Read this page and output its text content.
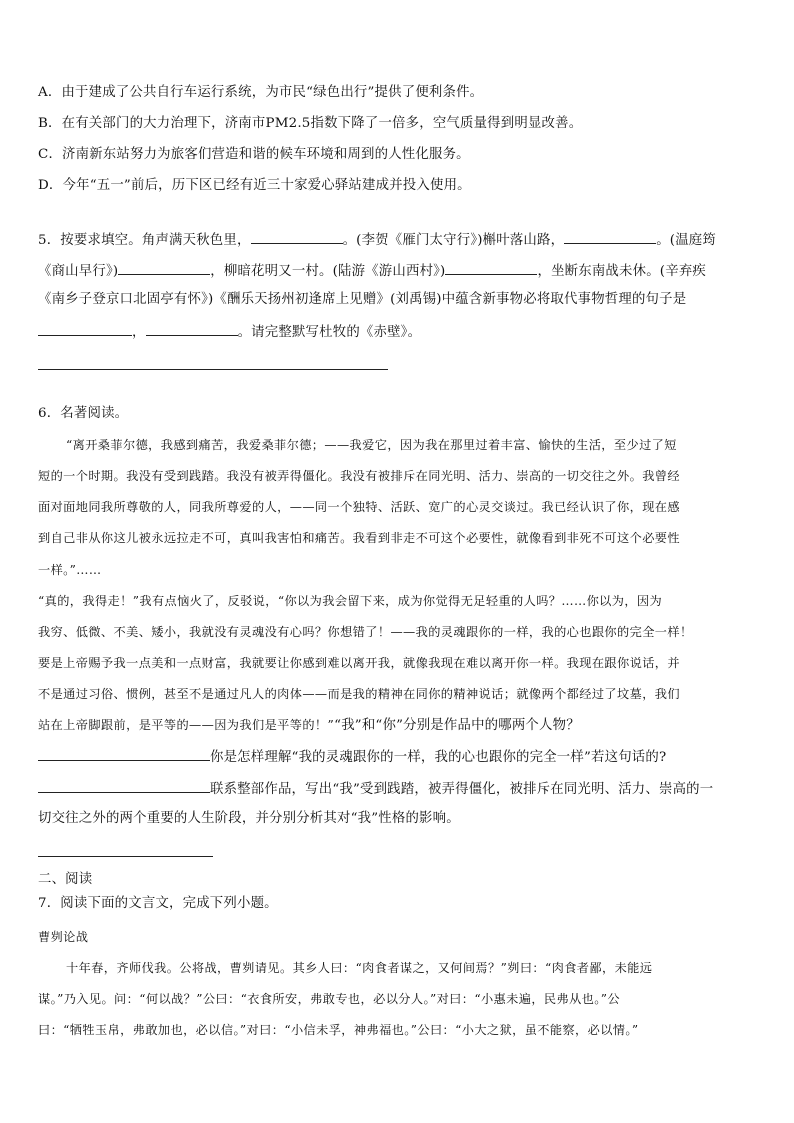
A．由于建成了公共自行车运行系统，为市民“绿色出行”提供了便利条件。
B．在有关部门的大力治理下，济南市PM2.5指数下降了一倍多，空气质量得到明显改善。
C．济南新东站努力为旅客们营造和谐的候车环境和周到的人性化服务。
D．今年“五一”前后，历下区已经有近三十家爱心驿站建成并投入使用。
5．按要求填空。角声满天秋色里，	。(李贺《雁门太守行》)槲叶落山路，	。(温庭筠
《商山早行》)	，柳暗花明又一村。(陆游《游山西村》)	，坐断东南战未休。(辛弃疾
《南乡子登京口北固亭有怀》)《酬乐天扬州初逢席上见赠》(刘禹锡)中蕴含新事物必将取代事物哲理的句子是
，	。请完整默写杜牧的《赤壁》。
6．名著阅读。
“离开桑菲尔德，我感到痛苦，我爱桑菲尔德；——我爱它，因为我在那里过着丰富、愉快的生活，至少过了短
短的一个时期。我没有受到践踏。我没有被弄得僵化。我没有被排斥在同光明、活力、崇高的一切交往之外。我曾经
面对面地同我所尊敬的人，同我所尊爱的人，——同一个独特、活跃、宽广的心灵交谈过。我已经认识了你，现在感
到自己非从你这儿被永远拉走不可，真叫我害怕和痛苦。我看到非走不可这个必要性，就像看到非死不可这个必要性
一样。”……
“真的，我得走！”我有点恼火了，反驳说，“你以为我会留下来，成为你觉得无足轻重的人吗？……你以为，因为
我穷、低微、不美、矮小，我就没有灵魂没有心吗？你想错了！——我的灵魂跟你的一样，我的心也跟你的完全一样！
要是上帝赐予我一点美和一点财富，我就要让你感到难以离开我，就像我现在难以离开你一样。我现在跟你说话，并
不是通过习俗、惯例，甚至不是通过凡人的肉体——而是我的精神在同你的精神说话；就像两个都经过了坟墓，我们
站在上帝脚跟前，是平等的——因为我们是平等的！”“我”和“你”分别是作品中的哪两个人物？
你是怎样理解“我的灵魂跟你的一样，我的心也跟你的完全一样”若这句话的?
联系整部作品，写出“我”受到践踏，被弄得僵化，被排斥在同光明、活力、崇高的一
切交往之外的两个重要的人生阶段，并分别分析其对“我”性格的影响。
二、阅读
7．阅读下面的文言文，完成下列小题。
曹刿论战
十年春，齐师伐我。公将战，曹刿请见。其乡人曰：“肉食者谋之，又何间焉？”刿曰：“肉食者鄙，未能远
谋。”乃入见。问：“何以战？”公曰：“衣食所安，弗敢专也，必以分人。”对曰：“小惠未遍，民弗从也。”公
曰：“牺牲玉帛，弗敢加也，必以信。”对曰：“小信未孚，神弗福也。”公曰：“小大之狱，虽不能察，必以情。”
